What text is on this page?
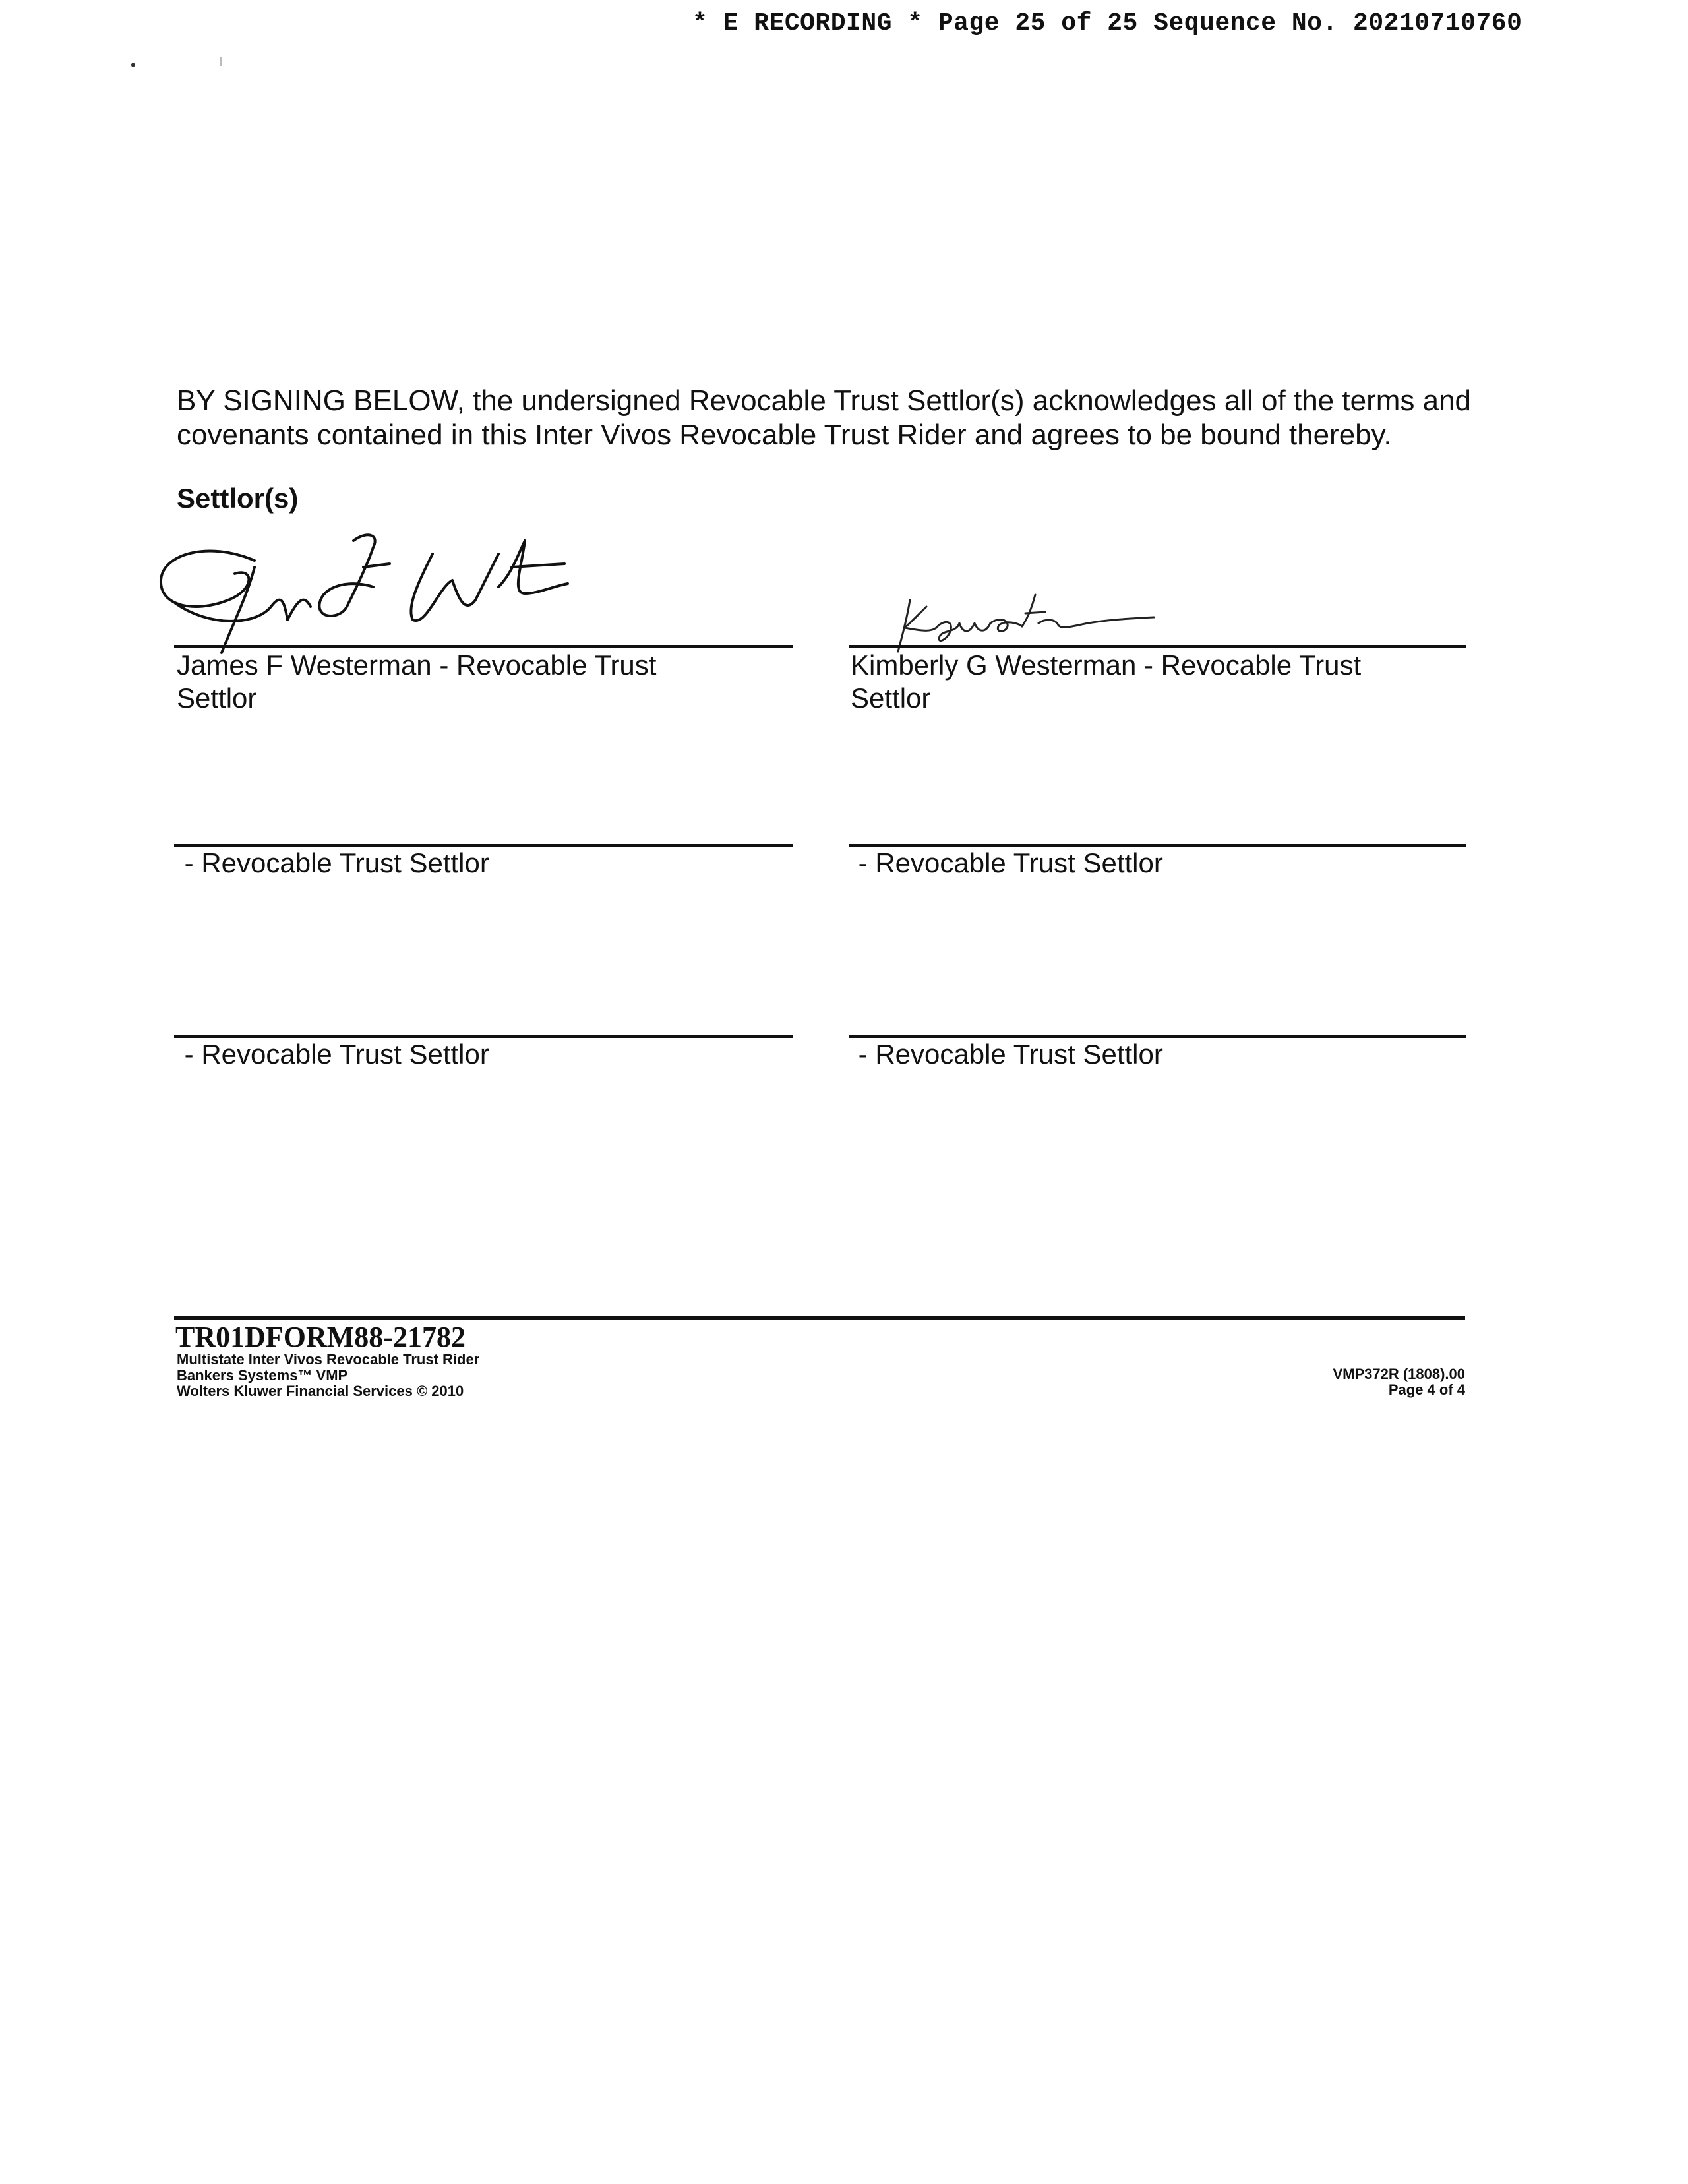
* E RECORDING * Page 25 of 25 Sequence No. 20210710760
•
BY SIGNING BELOW, the undersigned Revocable Trust Settlor(s) acknowledges all of the terms and
covenants contained in this Inter Vivos Revocable Trust Rider and agrees to be bound thereby.
Settlor(s)
James F Westerman - Revocable Trust
Settlor
Kimberly G Westerman - Revocable Trust
Settlor
- Revocable Trust Settlor	- Revocable Trust Settlor
- Revocable Trust Settlor	- Revocable Trust Settlor
TR01DFORM88-21782
Multistate Inter Vivos Revocable Trust Rider
Bankers Systems™ VMP
Wolters Kluwer Financial Services © 2010
VMP372R (1808).00
Page 4 of 4
